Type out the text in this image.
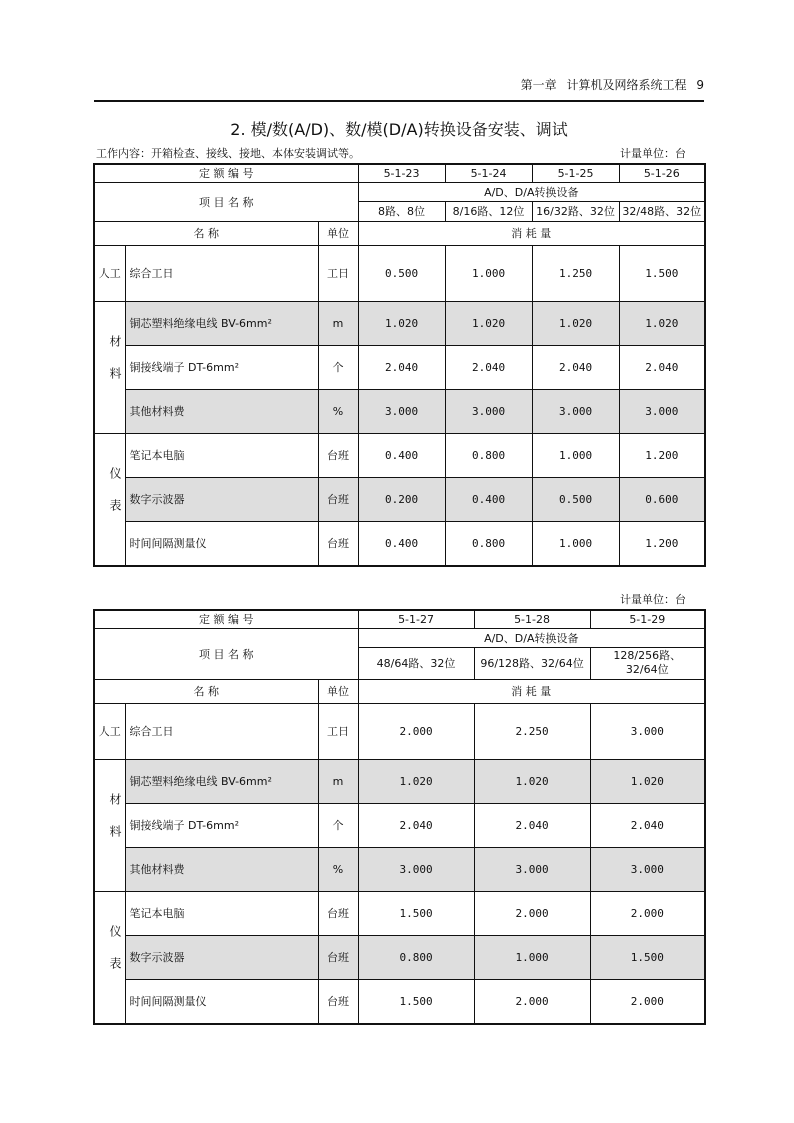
第一章 计算机及网络系统工程 9
2. 模/数(A/D)、数/模(D/A)转换设备安装、调试
工作内容：开箱检查、接线、接地、本体安装调试等。	计量单位：台
定 额 编 号			5-1-23	5-1-24	5-1-25	5-1-26
项 目 名 称			A/D、D/A转换设备			
			8路、8位	8/16路、12位	16/32路、32位	32/48路、32位
名 称		单位	消 耗 量			
人工	综合工日	工日	0.500	1.000	1.250	1.500

材料	铜芯塑料绝缘电线 BV-6mm²	m	1.020	1.020	1.020	1.020
	铜接线端子 DT-6mm²	个	2.040	2.040	2.040	2.040
	其他材料费	%	3.000	3.000	3.000	3.000

仪表	笔记本电脑	台班	0.400	0.800	1.000	1.200
	数字示波器	台班	0.200	0.400	0.500	0.600
	时间间隔测量仪	台班	0.400	0.800	1.000	1.200
计量单位：台
定 额 编 号			5-1-27	5-1-28	5-1-29
项 目 名 称			A/D、D/A转换设备		
			48/64路、32位	96/128路、32/64位	128/256路、32/64位
名 称		单位	消 耗 量		
人工	综合工日	工日	2.000	2.250	3.000

材料	铜芯塑料绝缘电线 BV-6mm²	m	1.020	1.020	1.020
	铜接线端子 DT-6mm²	个	2.040	2.040	2.040
	其他材料费	%	3.000	3.000	3.000

仪表	笔记本电脑	台班	1.500	2.000	2.000
	数字示波器	台班	0.800	1.000	1.500
	时间间隔测量仪	台班	1.500	2.000	2.000
